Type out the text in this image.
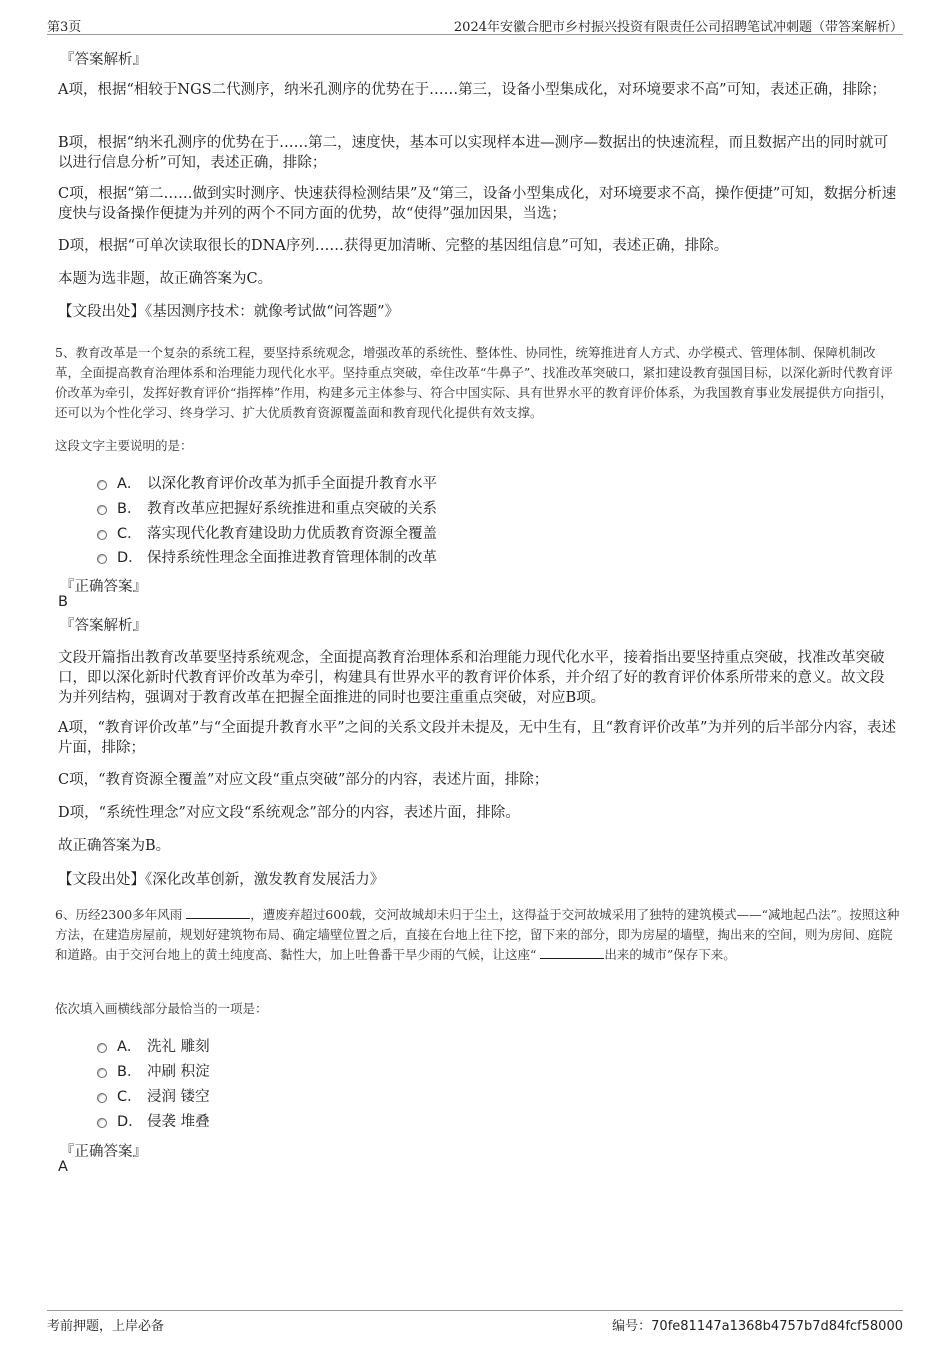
第3页	2024年安徽合肥市乡村振兴投资有限责任公司招聘笔试冲刺题（带答案解析）
『答案解析』
A项，根据“相较于NGS二代测序，纳米孔测序的优势在于……第三，设备小型集成化，对环境要求不高”可知，表述正确，排除；
B项，根据“纳米孔测序的优势在于……第二，速度快，基本可以实现样本进—测序—数据出的快速流程，而且数据产出的同时就可以进行信息分析”可知，表述正确，排除；
C项，根据“第二……做到实时测序、快速获得检测结果”及“第三，设备小型集成化，对环境要求不高，操作便捷”可知，数据分析速度快与设备操作便捷为并列的两个不同方面的优势，故“使得”强加因果，当选；
D项，根据“可单次读取很长的DNA序列……获得更加清晰、完整的基因组信息”可知，表述正确，排除。
本题为选非题，故正确答案为C。
【文段出处】《基因测序技术：就像考试做“问答题”》
5、教育改革是一个复杂的系统工程，要坚持系统观念，增强改革的系统性、整体性、协同性，统筹推进育人方式、办学模式、管理体制、保障机制改革，全面提高教育治理体系和治理能力现代化水平。坚持重点突破，牵住改革“牛鼻子”、找准改革突破口，紧扣建设教育强国目标，以深化新时代教育评价改革为牵引，发挥好教育评价“指挥棒”作用，构建多元主体参与、符合中国实际、具有世界水平的教育评价体系，为我国教育事业发展提供方向指引，还可以为个性化学习、终身学习、扩大优质教育资源覆盖面和教育现代化提供有效支撑。
这段文字主要说明的是：
A． 以深化教育评价改革为抓手全面提升教育水平
B． 教育改革应把握好系统推进和重点突破的关系
C． 落实现代化教育建设助力优质教育资源全覆盖
D． 保持系统性理念全面推进教育管理体制的改革
『正确答案』
B
『答案解析』
文段开篇指出教育改革要坚持系统观念，全面提高教育治理体系和治理能力现代化水平，接着指出要坚持重点突破，找准改革突破口，即以深化新时代教育评价改革为牵引，构建具有世界水平的教育评价体系，并介绍了好的教育评价体系所带来的意义。故文段为并列结构，强调对于教育改革在把握全面推进的同时也要注重重点突破，对应B项。
A项，“教育评价改革”与“全面提升教育水平”之间的关系文段并未提及，无中生有，且“教育评价改革”为并列的后半部分内容，表述片面，排除；
C项，“教育资源全覆盖”对应文段“重点突破”部分的内容，表述片面，排除；
D项，“系统性理念”对应文段“系统观念”部分的内容，表述片面，排除。
故正确答案为B。
【文段出处】《深化改革创新，激发教育发展活力》
6、历经2300多年风雨	，遭废弃超过600载，交河故城却未归于尘土，这得益于交河故城采用了独特的建筑模式——“减地起凸法”。按照这种方法，在建造房屋前，规划好建筑物布局、确定墙壁位置之后，直接在台地上往下挖，留下来的部分，即为房屋的墙壁，掏出来的空间，则为房间、庭院和道路。由于交河台地上的黄土纯度高、黏性大，加上吐鲁番干旱少雨的气候，让这座“	出来的城市”保存下来。
依次填入画横线部分最恰当的一项是：
A． 洗礼 雕刻
B． 冲刷 积淀
C． 浸润 镂空
D． 侵袭 堆叠
『正确答案』
A
考前押题，上岸必备	编号：70fe81147a1368b4757b7d84fcf58000
